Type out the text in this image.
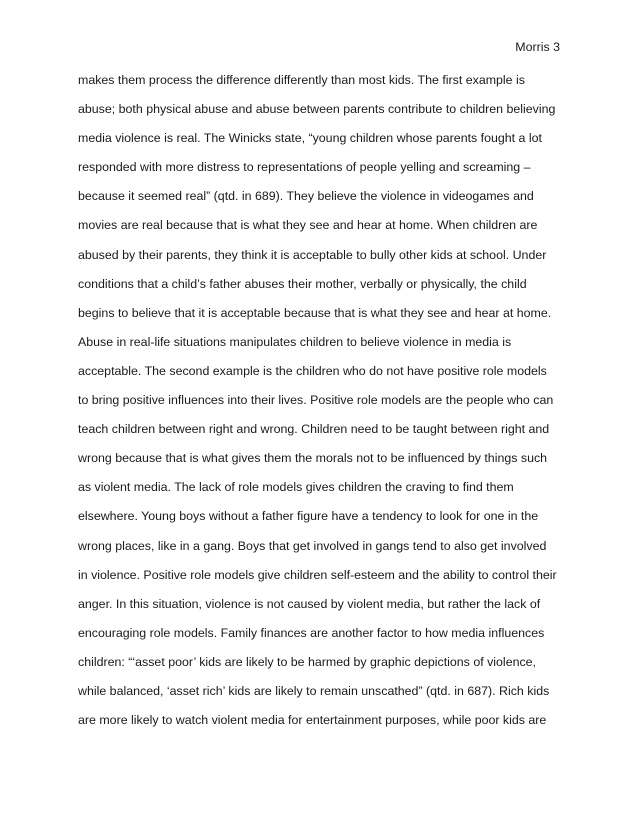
Morris 3
makes them process the difference differently than most kids. The first example is
abuse; both physical abuse and abuse between parents contribute to children believing
media violence is real. The Winicks state, “young children whose parents fought a lot
responded with more distress to representations of people yelling and screaming –
because it seemed real” (qtd. in 689). They believe the violence in videogames and
movies are real because that is what they see and hear at home. When children are
abused by their parents, they think it is acceptable to bully other kids at school. Under
conditions that a child’s father abuses their mother, verbally or physically, the child
begins to believe that it is acceptable because that is what they see and hear at home.
Abuse in real-life situations manipulates children to believe violence in media is
acceptable. The second example is the children who do not have positive role models
to bring positive influences into their lives. Positive role models are the people who can
teach children between right and wrong. Children need to be taught between right and
wrong because that is what gives them the morals not to be influenced by things such
as violent media. The lack of role models gives children the craving to find them
elsewhere. Young boys without a father figure have a tendency to look for one in the
wrong places, like in a gang. Boys that get involved in gangs tend to also get involved
in violence. Positive role models give children self-esteem and the ability to control their
anger. In this situation, violence is not caused by violent media, but rather the lack of
encouraging role models. Family finances are another factor to how media influences
children: “‘asset poor’ kids are likely to be harmed by graphic depictions of violence,
while balanced, ‘asset rich’ kids are likely to remain unscathed” (qtd. in 687). Rich kids
are more likely to watch violent media for entertainment purposes, while poor kids are
